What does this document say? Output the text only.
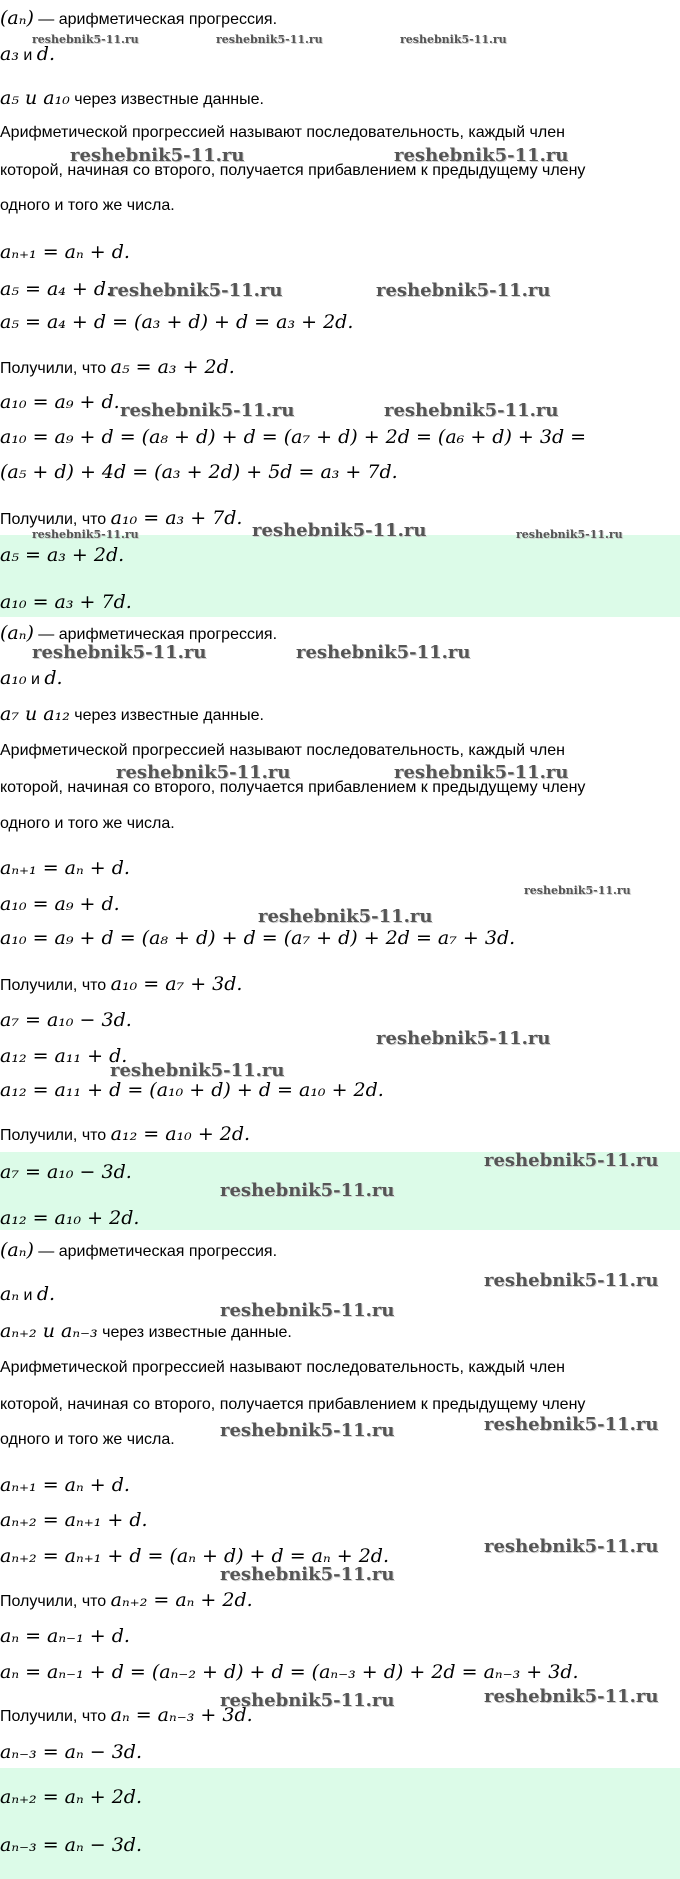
(aₙ) — арифметическая прогрессия.
a₃ и d.
a₅ и a₁₀ через известные данные.
Арифметической прогрессией называют последовательность, каждый член
которой, начиная со второго, получается прибавлением к предыдущему члену
одного и того же числа.
aₙ₊₁ = aₙ + d.
a₅ = a₄ + d.
a₅ = a₄ + d = (a₃ + d) + d = a₃ + 2d.
Получили, что a₅ = a₃ + 2d.
a₁₀ = a₉ + d.
a₁₀ = a₉ + d = (a₈ + d) + d = (a₇ + d) + 2d = (a₆ + d) + 3d =
(a₅ + d) + 4d = (a₃ + 2d) + 5d = a₃ + 7d.
Получили, что a₁₀ = a₃ + 7d.
a₅ = a₃ + 2d.
a₁₀ = a₃ + 7d.
(aₙ) — арифметическая прогрессия.
a₁₀ и d.
a₇ и a₁₂ через известные данные.
Арифметической прогрессией называют последовательность, каждый член
которой, начиная со второго, получается прибавлением к предыдущему члену
одного и того же числа.
aₙ₊₁ = aₙ + d.
a₁₀ = a₉ + d.
a₁₀ = a₉ + d = (a₈ + d) + d = (a₇ + d) + 2d = a₇ + 3d.
Получили, что a₁₀ = a₇ + 3d.
a₇ = a₁₀ − 3d.
a₁₂ = a₁₁ + d.
a₁₂ = a₁₁ + d = (a₁₀ + d) + d = a₁₀ + 2d.
Получили, что a₁₂ = a₁₀ + 2d.
a₇ = a₁₀ − 3d.
a₁₂ = a₁₀ + 2d.
(aₙ) — арифметическая прогрессия.
aₙ и d.
aₙ₊₂ и aₙ₋₃ через известные данные.
Арифметической прогрессией называют последовательность, каждый член
которой, начиная со второго, получается прибавлением к предыдущему члену
одного и того же числа.
aₙ₊₁ = aₙ + d.
aₙ₊₂ = aₙ₊₁ + d.
aₙ₊₂ = aₙ₊₁ + d = (aₙ + d) + d = aₙ + 2d.
Получили, что aₙ₊₂ = aₙ + 2d.
aₙ = aₙ₋₁ + d.
aₙ = aₙ₋₁ + d = (aₙ₋₂ + d) + d = (aₙ₋₃ + d) + 2d = aₙ₋₃ + 3d.
Получили, что aₙ = aₙ₋₃ + 3d.
aₙ₋₃ = aₙ − 3d.
aₙ₊₂ = aₙ + 2d.
aₙ₋₃ = aₙ − 3d.
reshebnik5-11.ru	reshebnik5-11.ru	reshebnik5-11.ru
reshebnik5-11.ru	reshebnik5-11.ru
reshebnik5-11.ru	reshebnik5-11.ru
reshebnik5-11.ru	reshebnik5-11.ru
reshebnik5-11.ru	reshebnik5-11.ru	reshebnik5-11.ru
reshebnik5-11.ru	reshebnik5-11.ru
reshebnik5-11.ru	reshebnik5-11.ru
reshebnik5-11.ru
reshebnik5-11.ru
reshebnik5-11.ru
reshebnik5-11.ru
reshebnik5-11.ru
reshebnik5-11.ru
reshebnik5-11.ru
reshebnik5-11.ru
reshebnik5-11.ru
reshebnik5-11.ru
reshebnik5-11.ru
reshebnik5-11.ru
reshebnik5-11.ru
reshebnik5-11.ru
